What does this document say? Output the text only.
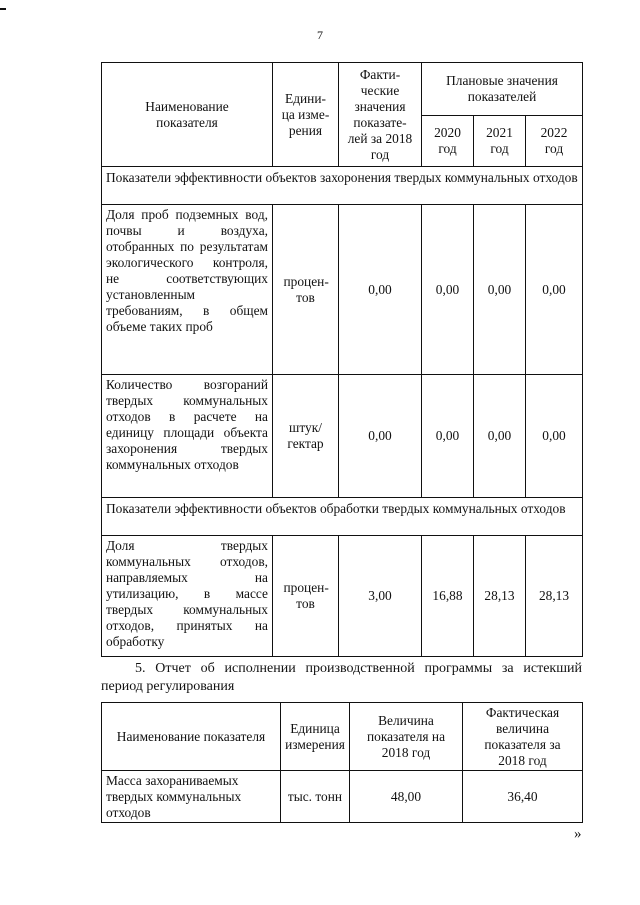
7
Наименование показателя	Едини-ца изме-рения	Факти-ческие значения показате-лей за 2018 год	Плановые значения показателей		
			2020 год	2021 год	2022 год
Показатели эффективности объектов захоронения твердых коммунальных отходов					
Доля проб подземных вод, почвы и воздуха, отобранных по результатам экологического контроля, не соответствующих установленным требованиям, в общем объеме таких проб	процен-тов	0,00	0,00	0,00	0,00
Количество возгораний твердых коммунальных отходов в расчете на единицу площади объекта захоронения твердых коммунальных отходов	штук/ гектар	0,00	0,00	0,00	0,00
Показатели эффективности объектов обработки твердых коммунальных отходов					
Доля твердых коммунальных отходов, направляемых на утилизацию, в массе твердых коммунальных отходов, принятых на обработку	процен-тов	3,00	16,88	28,13	28,13
5. Отчет об исполнении производственной программы за истекший период регулирования
Наименование показателя	Единица измерения	Величина показателя на 2018 год	Фактическая величина показателя за 2018 год
Масса захораниваемых твердых коммунальных отходов	тыс. тонн	48,00	36,40
»
